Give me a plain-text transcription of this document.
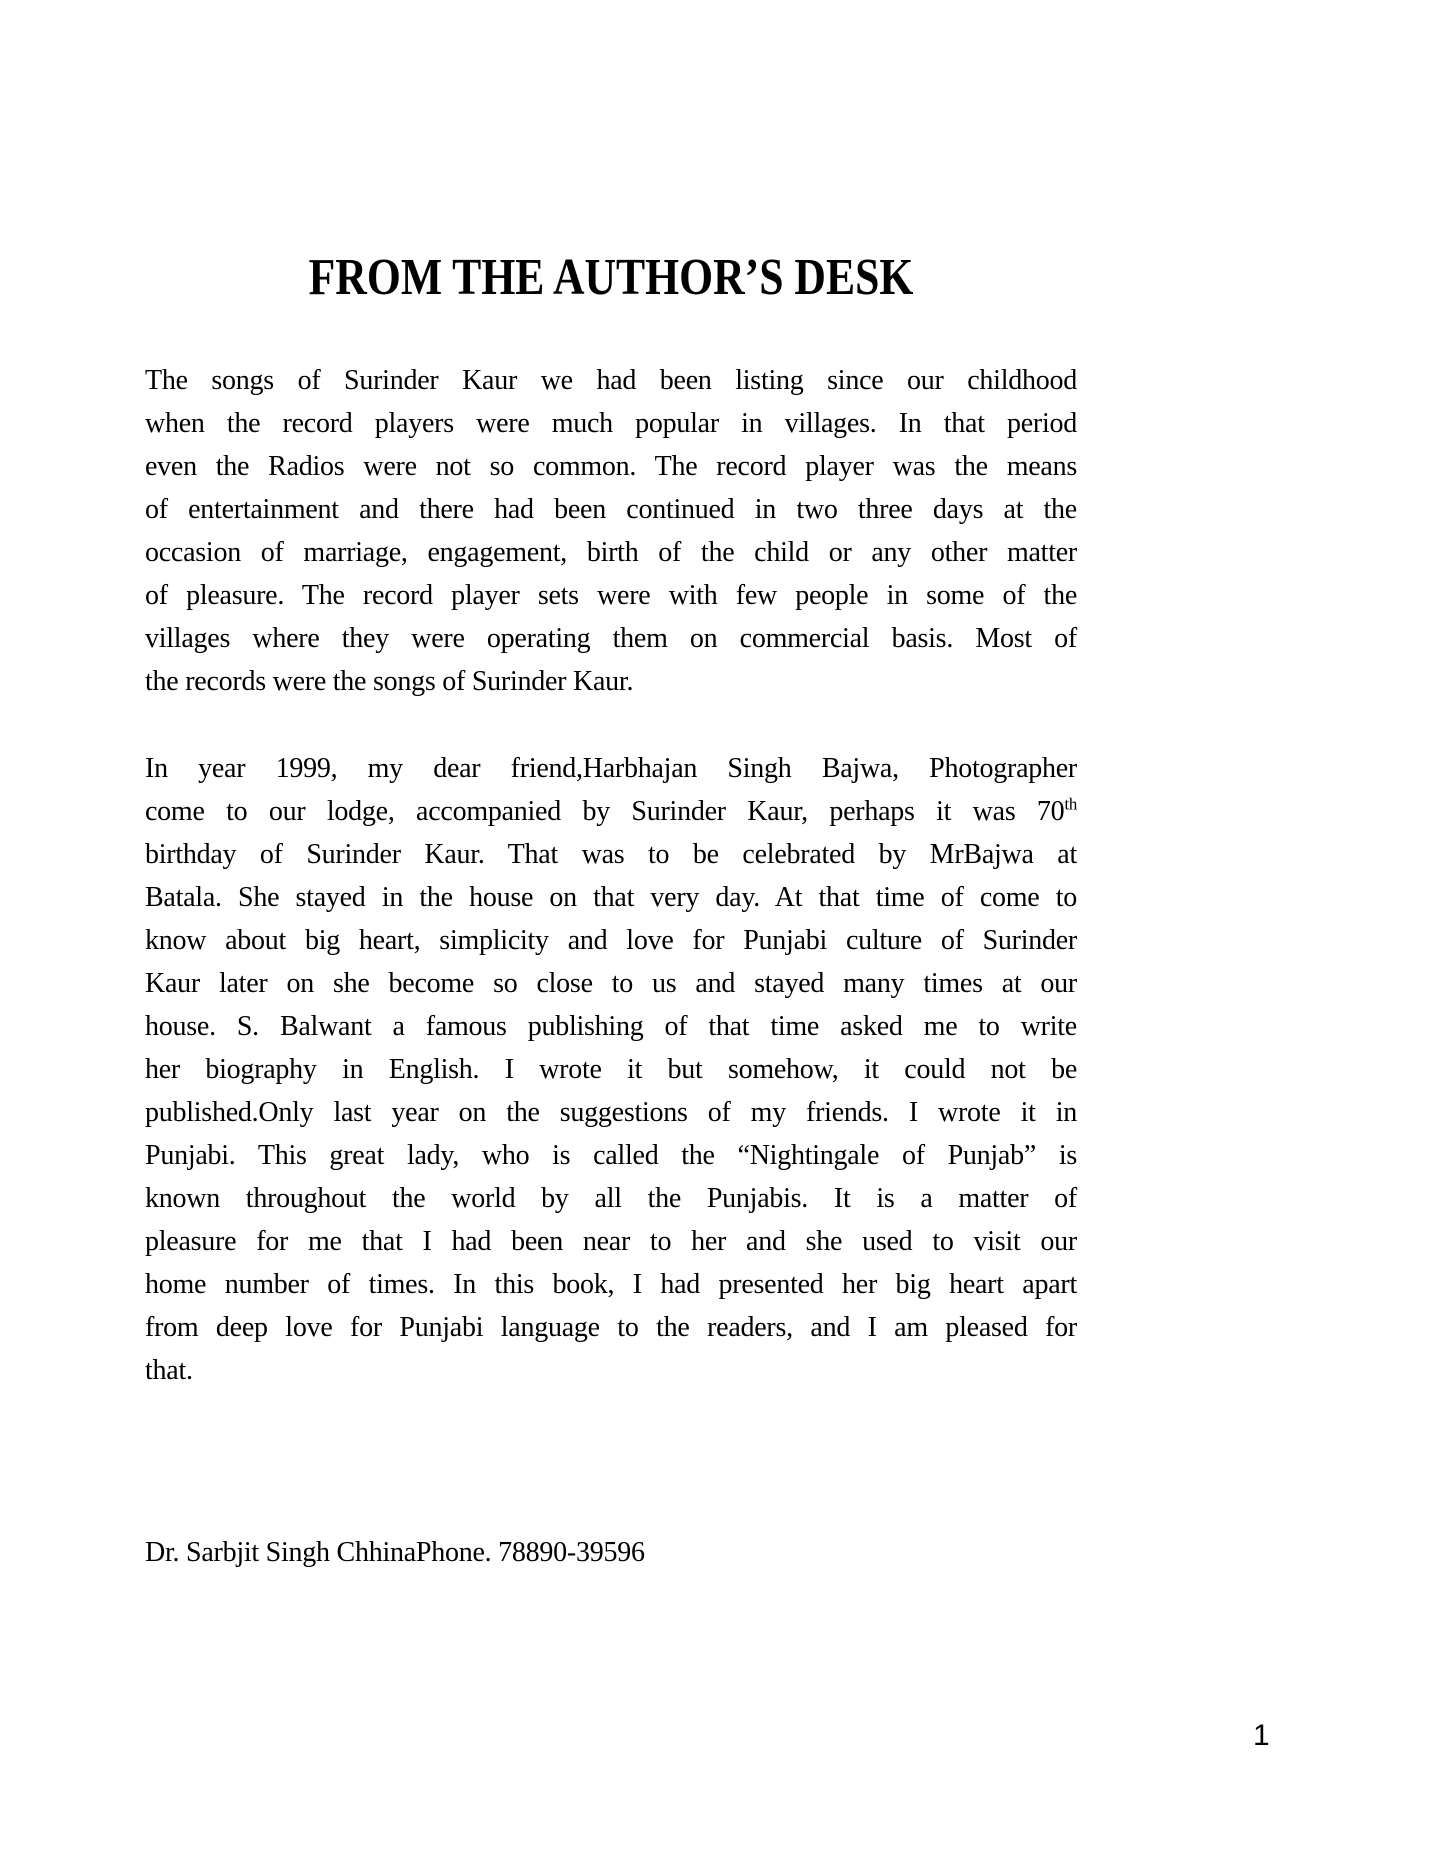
FROM THE AUTHOR’S DESK
The songs of Surinder Kaur we had been listing since our childhood
when the record players were much popular in villages. In that period
even the Radios were not so common. The record player was the means
of entertainment and there had been continued in two three days at the
occasion of marriage, engagement, birth of the child or any other matter
of pleasure. The record player sets were with few people in some of the
villages where they were operating them on commercial basis. Most of
the records were the songs of Surinder Kaur.
In year 1999, my dear friend,Harbhajan Singh Bajwa, Photographer
come to our lodge, accompanied by Surinder Kaur, perhaps it was 70th
birthday of Surinder Kaur. That was to be celebrated by MrBajwa at
Batala. She stayed in the house on that very day. At that time of come to
know about big heart, simplicity and love for Punjabi culture of Surinder
Kaur later on she become so close to us and stayed many times at our
house. S. Balwant a famous publishing of that time asked me to write
her biography in English. I wrote it but somehow, it could not be
published.Only last year on the suggestions of my friends. I wrote it in
Punjabi. This great lady, who is called the “Nightingale of Punjab” is
known throughout the world by all the Punjabis. It is a matter of
pleasure for me that I had been near to her and she used to visit our
home number of times. In this book, I had presented her big heart apart
from deep love for Punjabi language to the readers, and I am pleased for
that.
Dr. Sarbjit Singh ChhinaPhone. 78890-39596
1
